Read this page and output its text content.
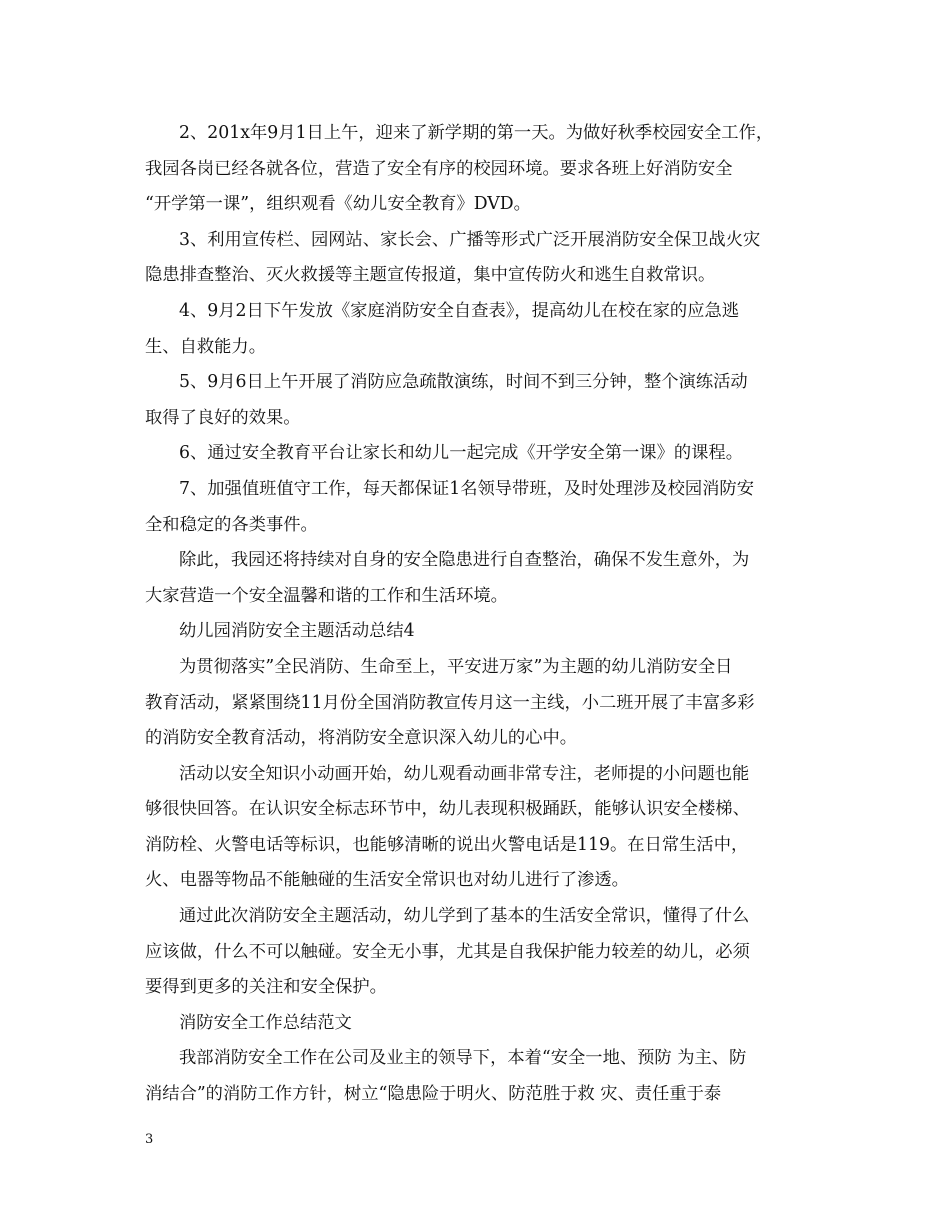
2、201x年9月1日上午，迎来了新学期的第一天。为做好秋季校园安全工作，
我园各岗已经各就各位，营造了安全有序的校园环境。要求各班上好消防安全
“开学第一课”，组织观看《幼儿安全教育》DVD。
3、利用宣传栏、园网站、家长会、广播等形式广泛开展消防安全保卫战火灾
隐患排查整治、灭火救援等主题宣传报道，集中宣传防火和逃生自救常识。
4、9月2日下午发放《家庭消防安全自查表》，提高幼儿在校在家的应急逃
生、自救能力。
5、9月6日上午开展了消防应急疏散演练，时间不到三分钟，整个演练活动
取得了良好的效果。
6、通过安全教育平台让家长和幼儿一起完成《开学安全第一课》的课程。
7、加强值班值守工作，每天都保证1名领导带班，及时处理涉及校园消防安
全和稳定的各类事件。
除此，我园还将持续对自身的安全隐患进行自查整治，确保不发生意外，为
大家营造一个安全温馨和谐的工作和生活环境。
幼儿园消防安全主题活动总结4
为贯彻落实”全民消防、生命至上，平安进万家”为主题的幼儿消防安全日
教育活动，紧紧围绕11月份全国消防教宣传月这一主线，小二班开展了丰富多彩
的消防安全教育活动，将消防安全意识深入幼儿的心中。
活动以安全知识小动画开始，幼儿观看动画非常专注，老师提的小问题也能
够很快回答。在认识安全标志环节中，幼儿表现积极踊跃，能够认识安全楼梯、
消防栓、火警电话等标识，也能够清晰的说出火警电话是119。在日常生活中，
火、电器等物品不能触碰的生活安全常识也对幼儿进行了渗透。
通过此次消防安全主题活动，幼儿学到了基本的生活安全常识，懂得了什么
应该做，什么不可以触碰。安全无小事，尤其是自我保护能力较差的幼儿，必须
要得到更多的关注和安全保护。
消防安全工作总结范文
我部消防安全工作在公司及业主的领导下，本着“安全一地、预防 为主、防
消结合”的消防工作方针，树立“隐患险于明火、防范胜于救 灾、责任重于泰
3
